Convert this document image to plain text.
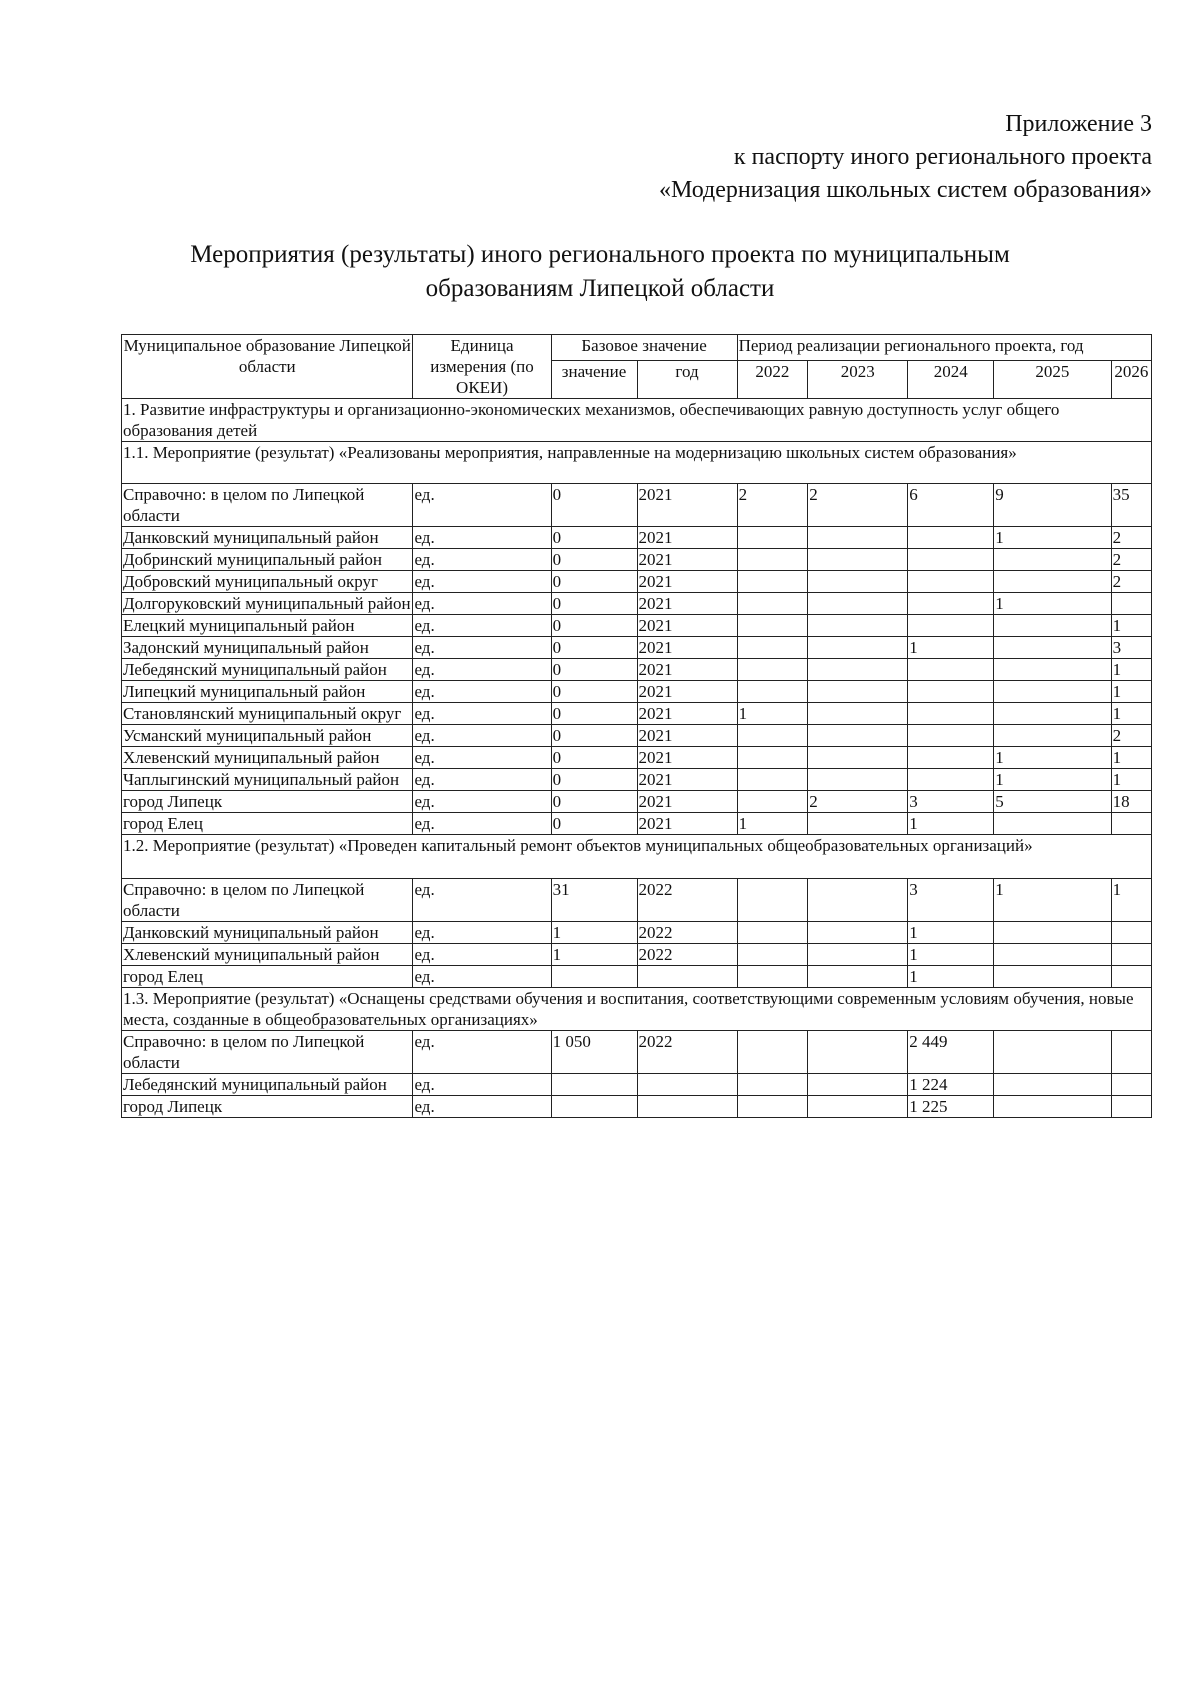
Приложение 3
к паспорту иного регионального проекта
«Модернизация школьных систем образования»
Мероприятия (результаты) иного регионального проекта по муниципальным
образованиям Липецкой области
Муниципальное образование Липецкой области	Единица измерения (по ОКЕИ)	Базовое значение		Период реализации регионального проекта, год				
		значение	год	2022	2023	2024	2025	2026
1. Развитие инфраструктуры и организационно-экономических механизмов, обеспечивающих равную доступность услуг общего образования детей								
1.1. Мероприятие (результат) «Реализованы мероприятия, направленные на модернизацию школьных систем образования»								
Справочно: в целом по Липецкой области	ед.	0	2021	2	2	6	9	35
Данковский муниципальный район	ед.	0	2021				1	2
Добринский муниципальный район	ед.	0	2021					2
Добровский муниципальный округ	ед.	0	2021					2
Долгоруковский муниципальный район	ед.	0	2021				1	
Елецкий муниципальный район	ед.	0	2021					1
Задонский муниципальный район	ед.	0	2021			1		3
Лебедянский муниципальный район	ед.	0	2021					1
Липецкий муниципальный район	ед.	0	2021					1
Становлянский муниципальный округ	ед.	0	2021	1				1
Усманский муниципальный район	ед.	0	2021					2
Хлевенский муниципальный район	ед.	0	2021				1	1
Чаплыгинский муниципальный район	ед.	0	2021				1	1
город Липецк	ед.	0	2021		2	3	5	18
город Елец	ед.	0	2021	1		1		
1.2. Мероприятие (результат) «Проведен капитальный ремонт объектов муниципальных общеобразовательных организаций»								
Справочно: в целом по Липецкой области	ед.	31	2022			3	1	1
Данковский муниципальный район	ед.	1	2022			1		
Хлевенский муниципальный район	ед.	1	2022			1		
город Елец	ед.					1		
1.3. Мероприятие (результат) «Оснащены средствами обучения и воспитания, соответствующими современным условиям обучения, новые места, созданные в общеобразовательных организациях»								
Справочно: в целом по Липецкой области	ед.	1 050	2022			2 449		
Лебедянский муниципальный район	ед.					1 224		
город Липецк	ед.					1 225		
